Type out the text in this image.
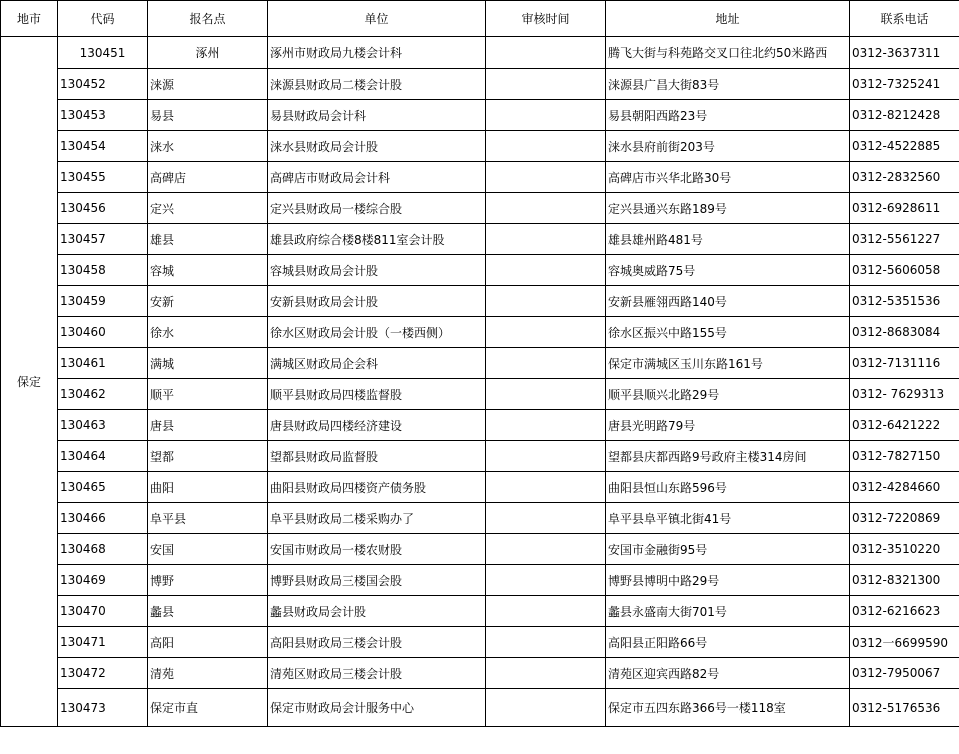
地市	代码	报名点	单位	审核时间	地址	联系电话
保定	130451	涿州	涿州市财政局九楼会计科		腾飞大街与科苑路交叉口往北约50米路西	0312-3637311
	130452	涞源	涞源县财政局二楼会计股		涞源县广昌大街83号	0312-7325241
	130453	易县	易县财政局会计科		易县朝阳西路23号	0312-8212428
	130454	涞水	涞水县财政局会计股		涞水县府前街203号	0312-4522885
	130455	高碑店	高碑店市财政局会计科		高碑店市兴华北路30号	0312-2832560
	130456	定兴	定兴县财政局一楼综合股		定兴县通兴东路189号	0312-6928611
	130457	雄县	雄县政府综合楼8楼811室会计股		雄县雄州路481号	0312-5561227
	130458	容城	容城县财政局会计股		容城奥威路75号	0312-5606058
	130459	安新	安新县财政局会计股		安新县雁翎西路140号	0312-5351536
	130460	徐水	徐水区财政局会计股（一楼西侧）		徐水区振兴中路155号	0312-8683084
	130461	满城	满城区财政局企会科		保定市满城区玉川东路161号	0312-7131116
	130462	顺平	顺平县财政局四楼监督股		顺平县顺兴北路29号	0312- 7629313
	130463	唐县	唐县财政局四楼经济建设		唐县光明路79号	0312-6421222
	130464	望都	望都县财政局监督股		望都县庆都西路9号政府主楼314房间	0312-7827150
	130465	曲阳	曲阳县财政局四楼资产债务股		曲阳县恒山东路596号	0312-4284660
	130466	阜平县	阜平县财政局二楼采购办了		阜平县阜平镇北街41号	0312-7220869
	130468	安国	安国市财政局一楼农财股		安国市金融街95号	0312-3510220
	130469	博野	博野县财政局三楼国会股		博野县博明中路29号	0312-8321300
	130470	蠡县	蠡县财政局会计股		蠡县永盛南大街701号	0312-6216623
	130471	高阳	高阳县财政局三楼会计股		高阳县正阳路66号	0312一6699590
	130472	清苑	清苑区财政局三楼会计股		清苑区迎宾西路82号	0312-7950067
	130473	保定市直	保定市财政局会计服务中心		保定市五四东路366号一楼118室	0312-5176536
